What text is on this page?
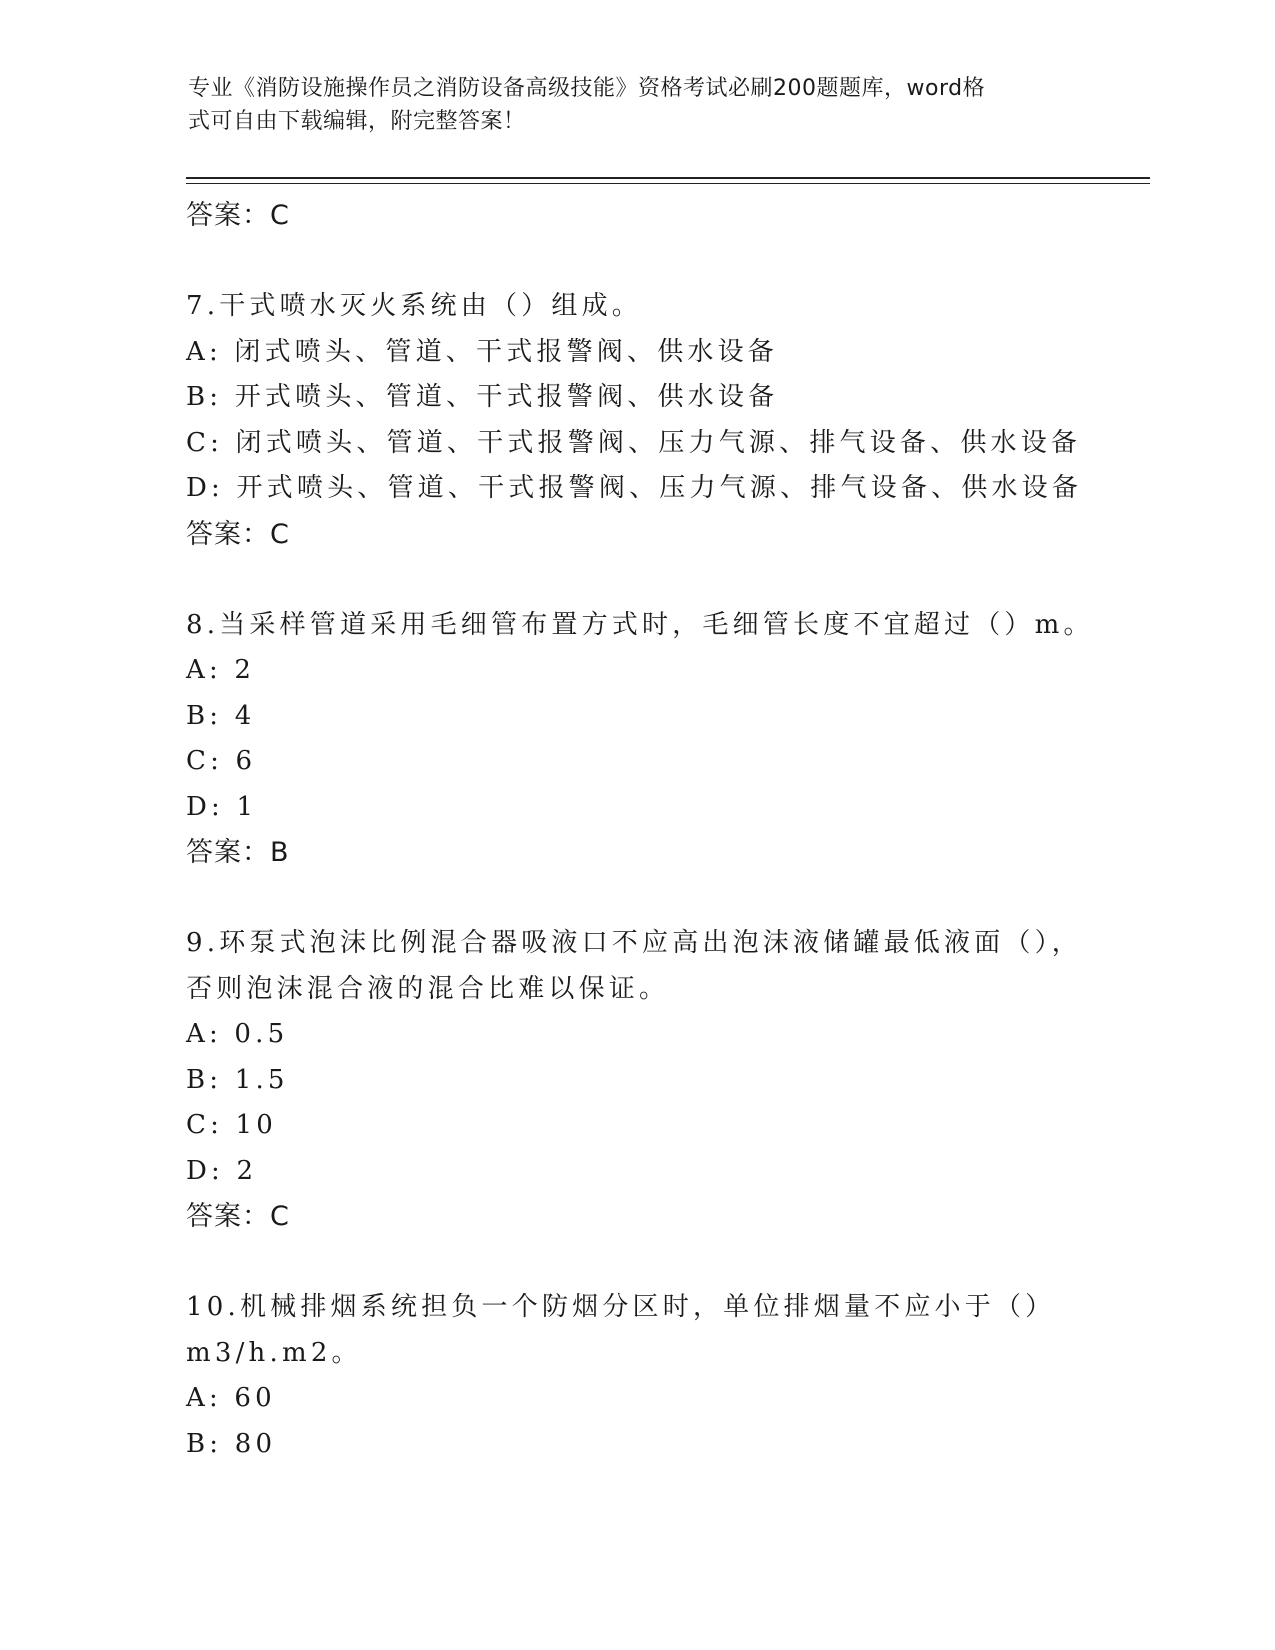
专业《消防设施操作员之消防设备高级技能》资格考试必刷200题题库，word格
式可自由下载编辑，附完整答案！
答案：C
7.干式喷水灭火系统由（）组成。
A: 闭式喷头、管道、干式报警阀、供水设备
B: 开式喷头、管道、干式报警阀、供水设备
C: 闭式喷头、管道、干式报警阀、压力气源、排气设备、供水设备
D: 开式喷头、管道、干式报警阀、压力气源、排气设备、供水设备
答案：C
8.当采样管道采用毛细管布置方式时，毛细管长度不宜超过（）m。
A: 2
B: 4
C: 6
D: 1
答案：B
9.环泵式泡沫比例混合器吸液口不应高出泡沫液储罐最低液面（），
否则泡沫混合液的混合比难以保证。
A: 0.5
B: 1.5
C: 10
D: 2
答案：C
10.机械排烟系统担负一个防烟分区时，单位排烟量不应小于（）
m3/h.m2。
A: 60
B: 80
